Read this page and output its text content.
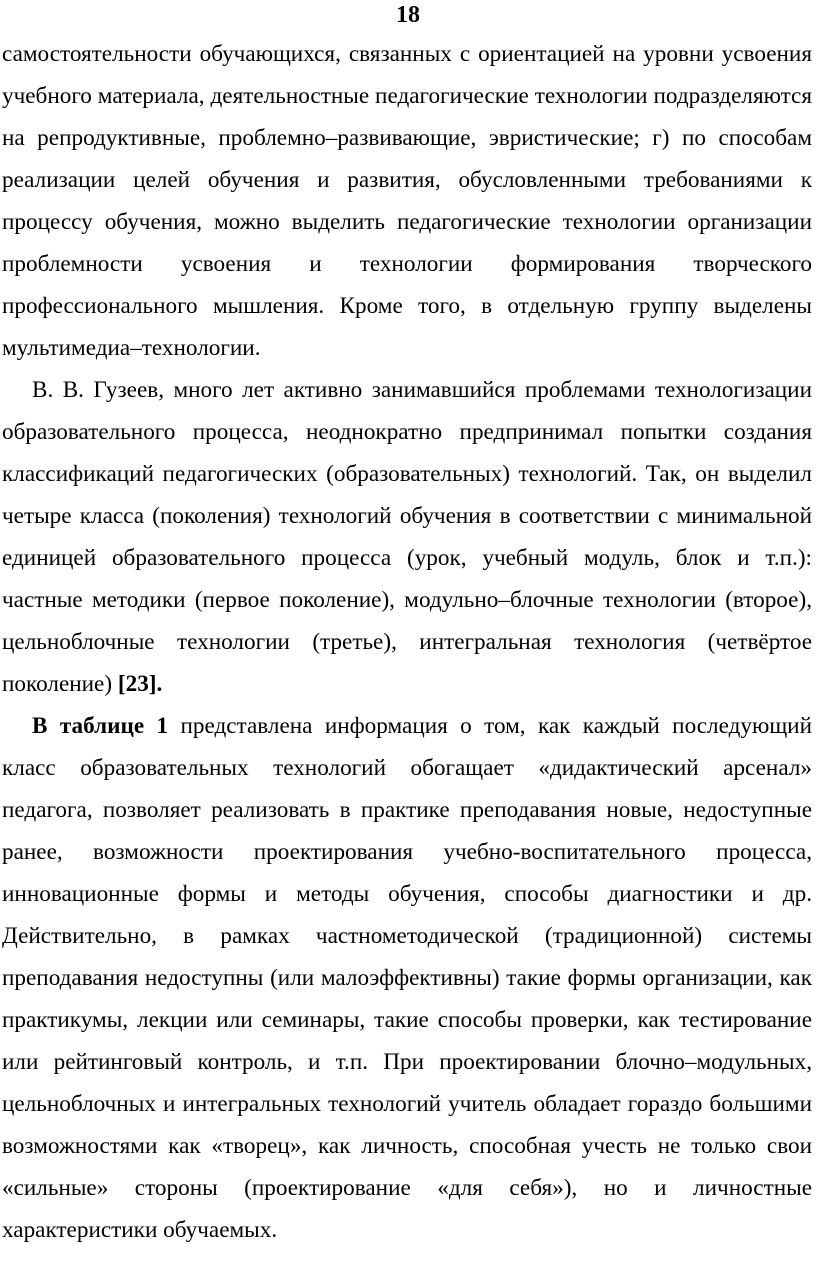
18

самостоятельности обучающихся, связанных с ориентацией на уровни усвоения учебного материала, деятельностные педагогические технологии подразделяются на репродуктивные, проблемно–развивающие, эвристические; г) по способам реализации целей обучения и развития, обусловленными требованиями к процессу обучения, можно выделить педагогические технологии организации проблемности усвоения и технологии формирования творческого профессионального мышления. Кроме того, в отдельную группу выделены мультимедиа–технологии.

В. В. Гузеев, много лет активно занимавшийся проблемами технологизации образовательного процесса, неоднократно предпринимал попытки создания классификаций педагогических (образовательных) технологий. Так, он выделил четыре класса (поколения) технологий обучения в соответствии с минимальной единицей образовательного процесса (урок, учебный модуль, блок и т.п.): частные методики (первое поколение), модульно–блочные технологии (второе), цельноблочные технологии (третье), интегральная технология (четвёртое поколение) [23].

В таблице 1 представлена информация о том, как каждый последующий класс образовательных технологий обогащает «дидактический арсенал» педагога, позволяет реализовать в практике преподавания новые, недоступные ранее, возможности проектирования учебно-воспитательного процесса, инновационные формы и методы обучения, способы диагностики и др. Действительно, в рамках частнометодической (традиционной) системы преподавания недоступны (или малоэффективны) такие формы организации, как практикумы, лекции или семинары, такие способы проверки, как тестирование или рейтинговый контроль, и т.п. При проектировании блочно–модульных, цельноблочных и интегральных технологий учитель обладает гораздо большими возможностями как «творец», как личность, способная учесть не только свои «сильные» стороны (проектирование «для себя»), но и личностные характеристики обучаемых.
